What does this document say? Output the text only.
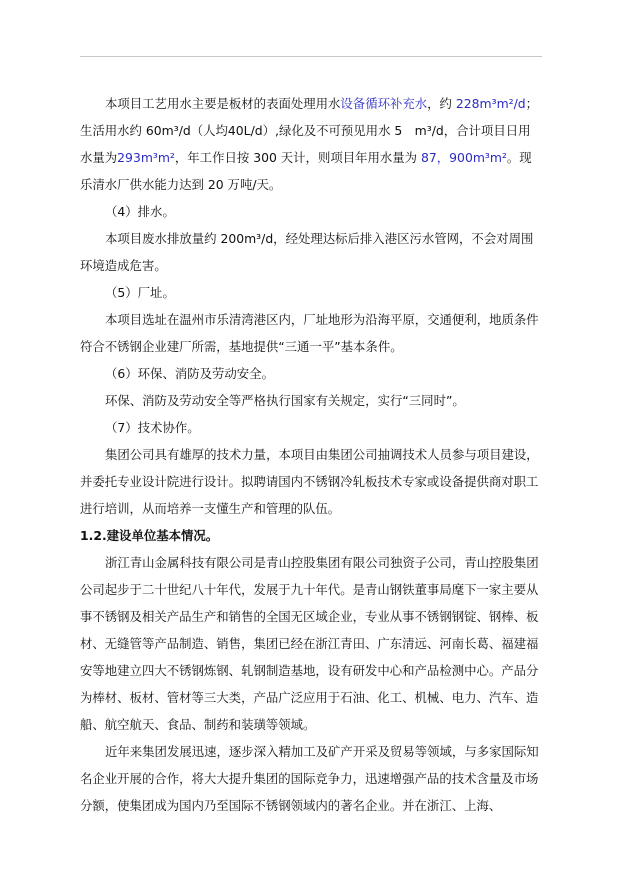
本项目工艺用水主要是板材的表面处理用水设备循环补充水，约 228m³m²/d；生活用水约 60m³/d（人均40L/d）,绿化及不可预见用水 5　m³/d，合计项目日用水量为293m³m²，年工作日按 300 天计，则项目年用水量为 87，900m³m²。现乐清水厂供水能力达到 20 万吨/天。

（4）排水。

本项目废水排放量约 200m³/d，经处理达标后排入港区污水管网，不会对周围环境造成危害。

（5）厂址。

本项目选址在温州市乐清湾港区内，厂址地形为沿海平原，交通便利，地质条件符合不锈钢企业建厂所需，基地提供“三通一平”基本条件。

（6）环保、消防及劳动安全。

环保、消防及劳动安全等严格执行国家有关规定，实行“三同时”。

（7）技术协作。

集团公司具有雄厚的技术力量，本项目由集团公司抽调技术人员参与项目建设，并委托专业设计院进行设计。拟聘请国内不锈钢冷轧板技术专家或设备提供商对职工进行培训，从而培养一支懂生产和管理的队伍。

1.2.建设单位基本情况。

浙江青山金属科技有限公司是青山控股集团有限公司独资子公司，青山控股集团公司起步于二十世纪八十年代，发展于九十年代。是青山钢铁董事局麾下一家主要从事不锈钢及相关产品生产和销售的全国无区域企业，专业从事不锈钢钢锭、钢棒、板材、无缝管等产品制造、销售，集团已经在浙江青田、广东清远、河南长葛、福建福安等地建立四大不锈钢炼钢、轧钢制造基地，设有研发中心和产品检测中心。产品分为棒材、板材、管材等三大类，产品广泛应用于石油、化工、机械、电力、汽车、造船、航空航天、食品、制药和装璜等领域。

近年来集团发展迅速，逐步深入精加工及矿产开采及贸易等领域，与多家国际知名企业开展的合作，将大大提升集团的国际竞争力，迅速增强产品的技术含量及市场分额，使集团成为国内乃至国际不锈钢领域内的著名企业。并在浙江、上海、
